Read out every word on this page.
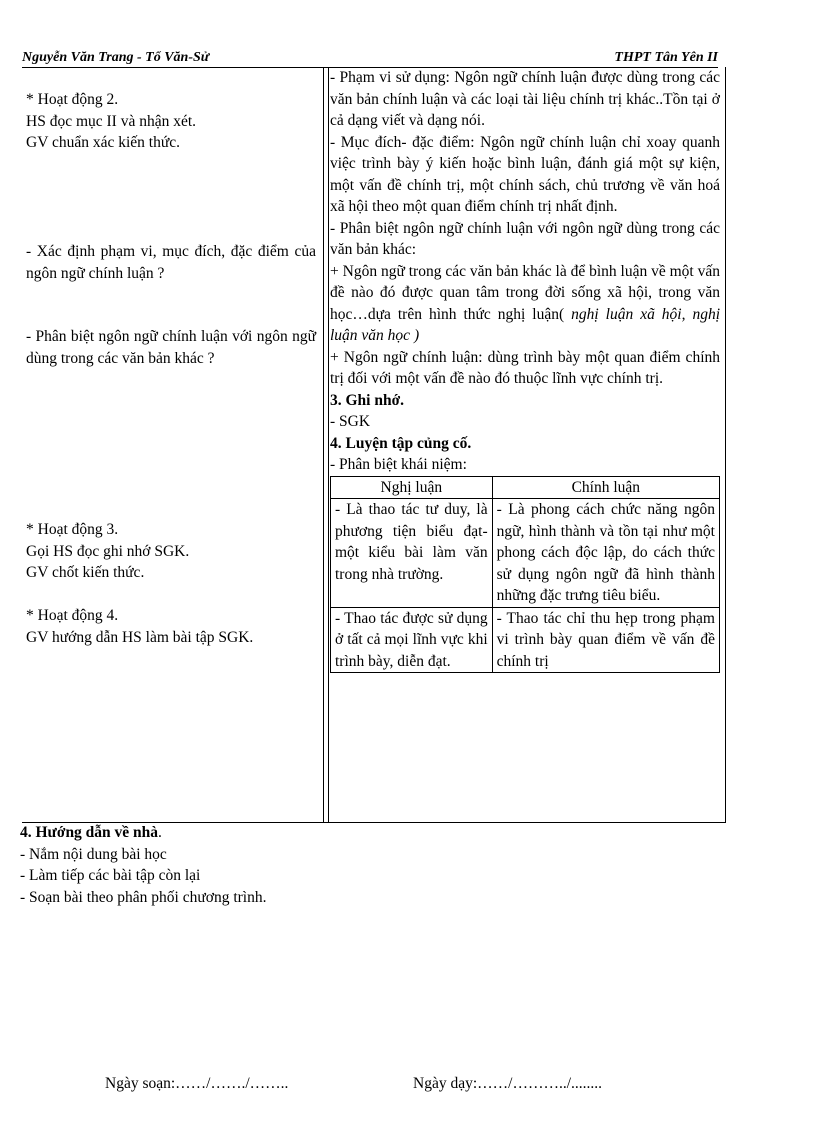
Nguyễn Văn Trang - Tổ Văn-Sử	THPT Tân Yên II

* Hoạt động 2.

HS đọc mục II và nhận xét.

GV chuẩn xác kiến thức.

- Xác định phạm vi, mục đích, đặc điểm của ngôn ngữ chính luận ?

- Phân biệt ngôn ngữ chính luận với ngôn ngữ dùng trong các văn bản khác ?

* Hoạt động 3.

Gọi HS đọc ghi nhớ SGK.

GV chốt kiến thức.

* Hoạt động 4.

GV hướng dẫn HS làm bài tập SGK.

- Phạm vi sử dụng: Ngôn ngữ chính luận được dùng trong các văn bản chính luận và các loại tài liệu chính trị khác..Tồn tại ở cả dạng viết và dạng nói.

- Mục đích- đặc điểm: Ngôn ngữ chính luận chỉ xoay quanh việc trình bày ý kiến hoặc bình luận, đánh giá một sự kiện, một vấn đề chính trị, một chính sách, chủ trương về văn hoá xã hội theo một quan điểm chính trị nhất định.

- Phân biệt ngôn ngữ chính luận với ngôn ngữ dùng trong các văn bản khác:

+ Ngôn ngữ trong các văn bản khác là để bình luận về một vấn đề nào đó được quan tâm trong đời sống xã hội, trong văn học…dựa trên hình thức nghị luận( nghị luận xã hội, nghị luận văn học )

+ Ngôn ngữ chính luận: dùng trình bày một quan điểm chính trị đối với một vấn đề nào đó thuộc lĩnh vực chính trị.

3. Ghi nhớ.

- SGK

4. Luyện tập củng cố.

- Phân biệt khái niệm:

Nghị luận	Chính luận
- Là thao tác tư duy, là phương tiện biểu đạt- một kiểu bài làm văn trong nhà trường.	- Là phong cách chức năng ngôn ngữ, hình thành và tồn tại như một phong cách độc lập, do cách thức sử dụng ngôn ngữ đã hình thành những đặc trưng tiêu biểu.
- Thao tác được sử dụng ở tất cả mọi lĩnh vực khi trình bày, diễn đạt.	- Thao tác chỉ thu hẹp trong phạm vi trình bày quan điểm về vấn đề chính trị

4. Hướng dẫn về nhà.

- Nắm nội dung bài học

- Làm tiếp các bài tập còn lại

- Soạn bài theo phân phối chương trình.

Ngày soạn:……/……./……..	Ngày dạy:……/………../........
